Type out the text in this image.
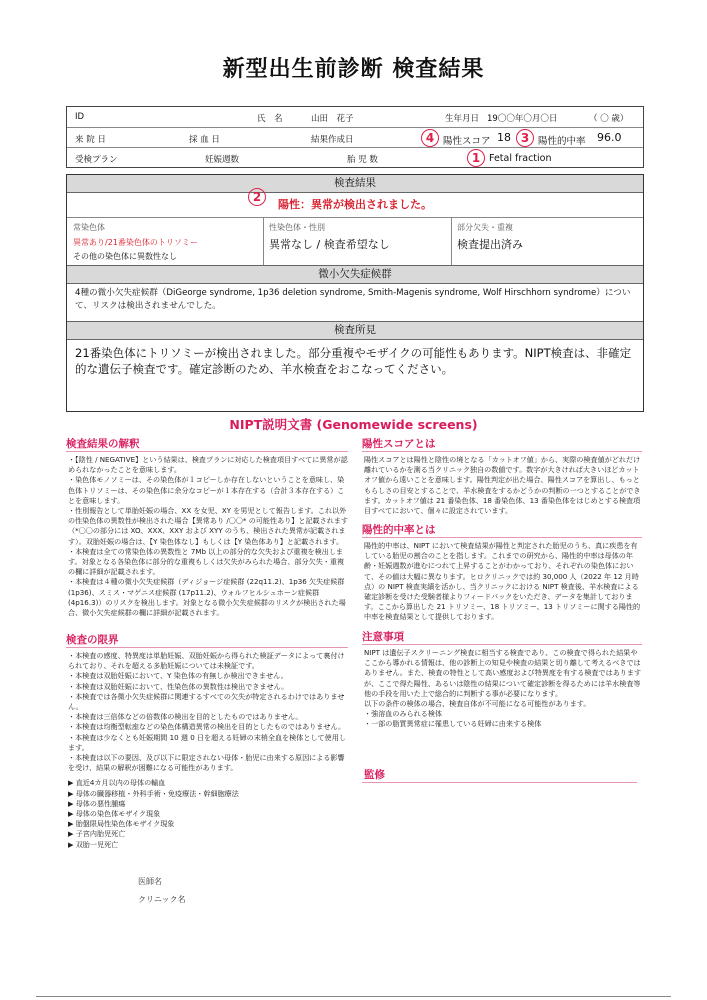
新型出生前診断 検査結果
ID	氏　名	山田　花子	生年月日 19〇〇年〇月〇日	（ 〇 歳）
来 院 日	採 血 日	結果作成日	4 陽性スコア 18 3 陽性的中率 96.0
受検プラン	妊娠週数	胎 児 数	1 Fetal fraction
検査結果
2
陽性：異常が検出されました。
常染色体
異常あり/21番染色体のトリソミー
その他の染色体に異数性なし
性染色体・性別
異常なし / 検査希望なし
部分欠失・重複
検査提出済み
微小欠失症候群
4種の微小欠失症候群（DiGeorge syndrome, 1p36 deletion syndrome, Smith-Magenis syndrome, Wolf Hirschhorn syndrome）について、リスクは検出されませんでした。
検査所見
21番染色体にトリソミーが検出されました。部分重複やモザイクの可能性もあります。NIPT検査は、非確定的な遺伝子検査です。確定診断のため、羊水検査をおこなってください。
NIPT説明文書 (Genomewide screens)
検査結果の解釈
・【陰性 / NEGATIVE】という結果は、検査プランに対応した検査項目すべてに異常が認められなかったことを意味します。
・染色体モノソミーは、その染色体が１コピーしか存在しないということを意味し、染色体トリソミーは、その染色体に余分なコピーが１本存在する（合計３本存在する）ことを意味します。
・性別報告として単胎妊娠の場合、XX を女児、XY を男児として報告します。これ以外の性染色体の異数性が検出された場合【異常あり /〇〇* の可能性あり】と記載されます（*〇〇の部分には XO、XXX、XXY および XYY のうち、検出された異常が記載されます）。双胎妊娠の場合は、【Y 染色体なし】もしくは【Y 染色体あり】と記載されます。
・本検査は全ての常染色体の異数性と 7Mb 以上の部分的な欠失および重複を検出します。対象となる各染色体に部分的な重複もしくは欠失がみられた場合、部分欠失・重複の欄に詳細が記載されます。
・本検査は４種の微小欠失症候群（ディジョージ症候群 (22q11.2)、1p36 欠失症候群 (1p36)、スミス・マゲニス症候群 (17p11.2)、ウォルフヒルシュホーン症候群 (4p16.3)）のリスクを検出します。対象となる微小欠失症候群のリスクが検出された場合、微小欠失症候群の欄に詳細が記載されます。
検査の限界
・本検査の感度、特異度は単胎妊娠、双胎妊娠から得られた検証データによって裏付けられており、それを超える多胎妊娠については未検証です。
・本検査は双胎妊娠において、Y 染色体の有無しか検出できません。
・本検査は双胎妊娠において、性染色体の異数性は検出できません。
・本検査では各微小欠失症候群に関連するすべての欠失が特定されるわけではありません。
・本検査は三倍体などの倍数体の検出を目的としたものではありません。
・本検査は均衡型転座などの染色体構造異常の検出を目的としたものではありません。
・本検査は少なくとも妊娠期間 10 週 0 日を超える妊婦の末梢全血を検体として使用します。
・本検査は以下の要因、及び以下に限定されない母体・胎児に由来する原因による影響を受け、結果の解釈が困難になる可能性があります。
▶ 直近4カ月以内の母体の輸血
▶ 母体の臓器移植・外科手術・免疫療法・幹細胞療法
▶ 母体の悪性腫瘍
▶ 母体の染色体モザイク現象
▶ 胎盤限局性染色体モザイク現象
▶ 子宮内胎児死亡
▶ 双胎一児死亡
陽性スコアとは
陽性スコアとは陽性と陰性の境となる「カットオフ値」から、実際の検査値がどれだけ離れているかを測る当クリニック独自の数値です。数字が大きければ大きいほどカットオフ値から遠いことを意味します。陽性判定が出た場合、陽性スコアを算出し、もっともらしさの目安とすることで、羊水検査をするかどうかの判断の一つとすることができます。カットオフ値は 21 番染色体、18 番染色体、13 番染色体をはじめとする検査項目すべてにおいて、個々に設定されています。
陽性的中率とは
陽性的中率は、NIPT において検査結果が陽性と判定された胎児のうち、真に疾患を有している胎児の割合のことを指します。これまでの研究から、陽性的中率は母体の年齢・妊娠週数が進むにつれて上昇することがわかっており、それぞれの染色体において、その値は大幅に異なります。ヒロクリニックでは約 30,000 人（2022 年 12 月時点）の NIPT 検査実績を活かし、当クリニックにおける NIPT 検査後、羊水検査による確定診断を受けた受験者様よりフィードバックをいただき、データを集計しております。ここから算出した 21 トリソミー、18 トリソミー、13 トリソミーに関する陽性的中率を検査結果として提供しております。
注意事項
NIPT は遺伝子スクリーニング検査に相当する検査であり、この検査で得られた結果やここから導かれる情報は、他の診断上の知見や検査の結果と切り離して考えるべきではありません。また、検査の特性として高い感度および特異度を有する検査ではありますが、ここで得た陽性、あるいは陰性の結果について確定診断を得るためには羊水検査等他の手段を用いた上で総合的に判断する事が必要になります。
以下の条件の検体の場合、検査自体が不可能になる可能性があります。
・強溶血のみられる検体
・一部の脂質異常症に罹患している妊婦に由来する検体
監修
医師名
クリニック名
